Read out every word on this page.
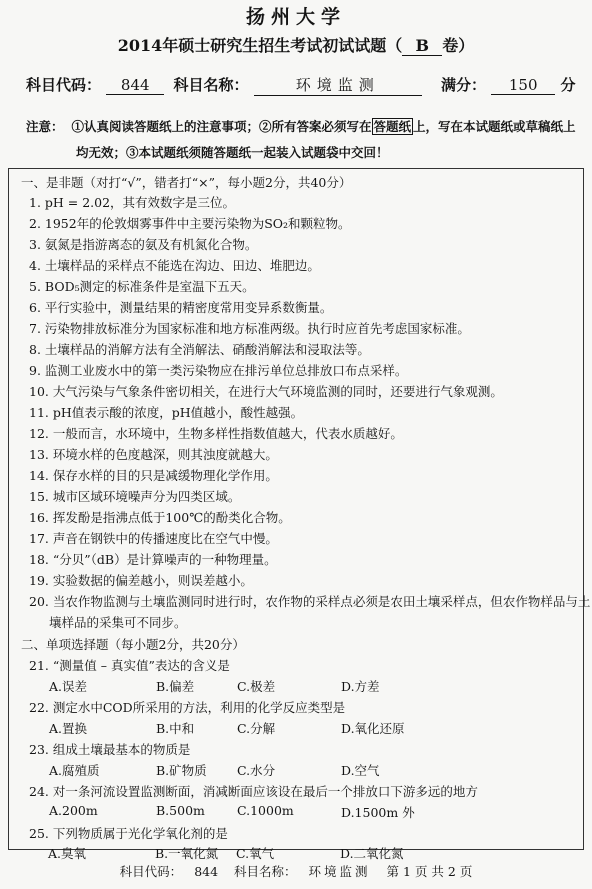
扬州大学
2014年硕士研究生招生考试初试试题（ B 卷）
科目代码： 844 科目名称：	环境监测	满分： 150 分
注意： ①认真阅读答题纸上的注意事项；②所有答案必须写在 答题纸 上，写在本试题纸或草稿纸上
均无效；③本试题纸须随答题纸一起装入试题袋中交回！
一、是非题（对打“√”，错者打“×”，每小题2分，共40分）
1. pH = 2.02，其有效数字是三位。
2. 1952年的伦敦烟雾事件中主要污染物为SO₂和颗粒物。
3. 氨氮是指游离态的氨及有机氮化合物。
4. 土壤样品的采样点不能选在沟边、田边、堆肥边。
5. BOD₅测定的标准条件是室温下五天。
6. 平行实验中，测量结果的精密度常用变异系数衡量。
7. 污染物排放标准分为国家标准和地方标准两级。执行时应首先考虑国家标准。
8. 土壤样品的消解方法有全消解法、硝酸消解法和浸取法等。
9. 监测工业废水中的第一类污染物应在排污单位总排放口布点采样。
10. 大气污染与气象条件密切相关，在进行大气环境监测的同时，还要进行气象观测。
11. pH值表示酸的浓度，pH值越小，酸性越强。
12. 一般而言，水环境中，生物多样性指数值越大，代表水质越好。
13. 环境水样的色度越深，则其浊度就越大。
14. 保存水样的目的只是减缓物理化学作用。
15. 城市区域环境噪声分为四类区域。
16. 挥发酚是指沸点低于100℃的酚类化合物。
17. 声音在钢铁中的传播速度比在空气中慢。
18. “分贝”（dB）是计算噪声的一种物理量。
19. 实验数据的偏差越小，则误差越小。
20. 当农作物监测与土壤监测同时进行时，农作物的采样点必须是农田土壤采样点，但农作物样品与土
壤样品的采集可不同步。
二、单项选择题（每小题2分，共20分）
21. “测量值 – 真实值”表达的含义是
A.误差	B.偏差	C.极差	D.方差
22. 测定水中COD所采用的方法，利用的化学反应类型是
A.置换	B.中和	C.分解	D.氧化还原
23. 组成土壤最基本的物质是
A.腐殖质	B.矿物质 C.水分	D.空气
24. 对一条河流设置监测断面，消减断面应该设在最后一个排放口下游多远的地方
A.200m	B.500m	C.1000m	D.1500m 外
25. 下列物质属于光化学氧化剂的是
A.臭氧	B.一氧化氮 C.氧气	D.二氧化氮
科目代码： 844 科目名称： 环境监测 第 1 页 共 2 页
